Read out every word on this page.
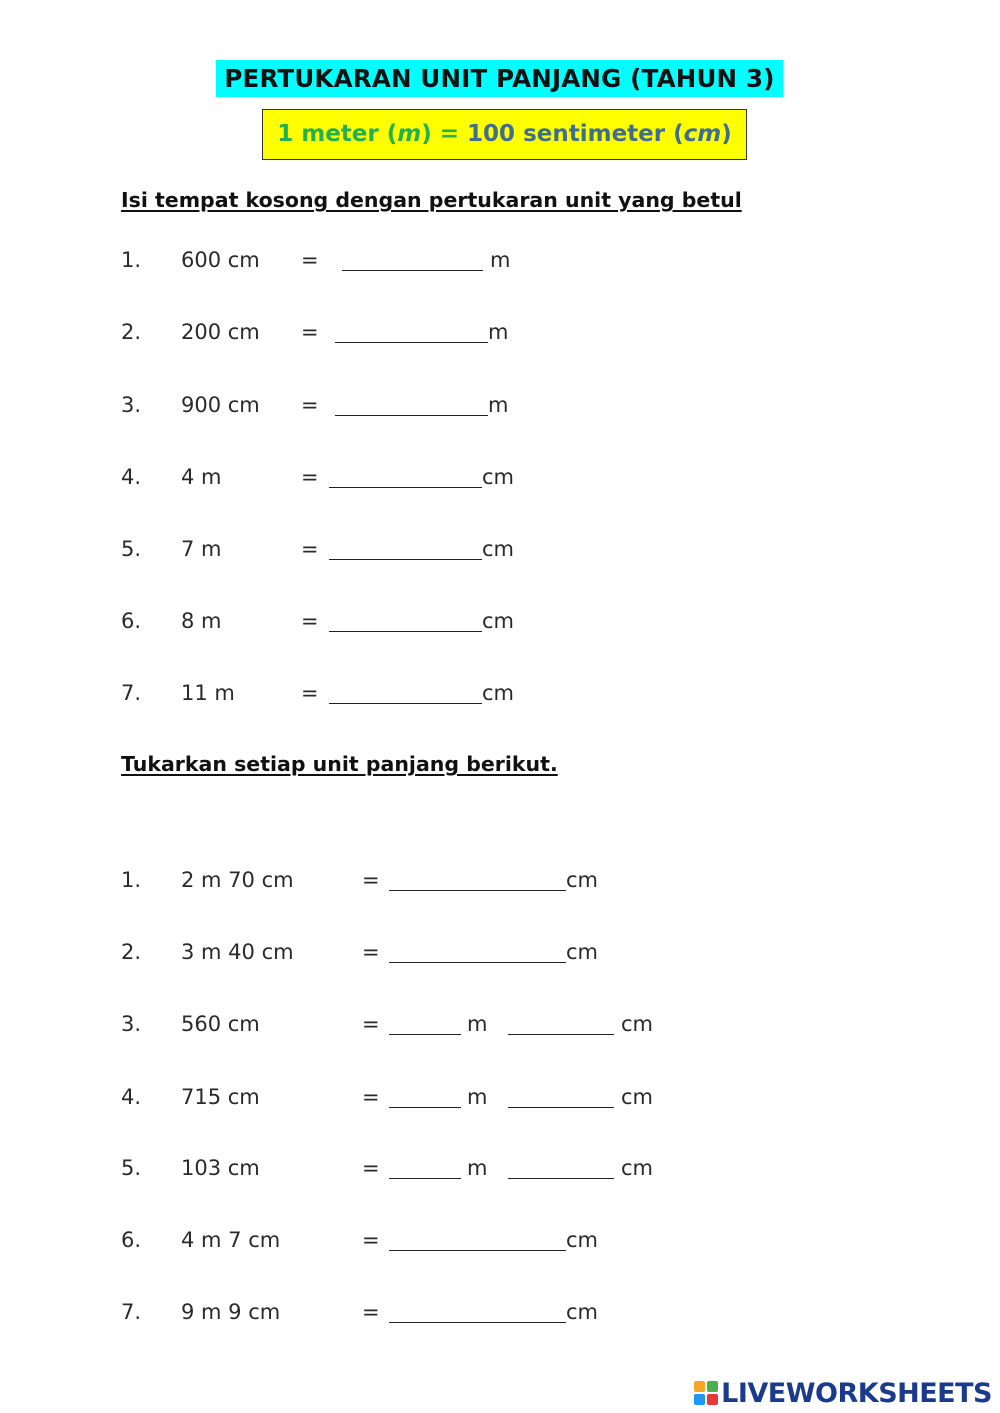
PERTUKARAN UNIT PANJANG (TAHUN 3)
1 meter (m) = 100 sentimeter (cm)
Isi tempat kosong dengan pertukaran unit yang betul
1. 600 cm =	m
2. 200 cm =	m
3. 900 cm =	m
4. 4 m	=	cm
5. 7 m	=	cm
6. 8 m	=	cm
7. 11 m	=	cm
Tukarkan setiap unit panjang berikut.
1. 2 m 70 cm	=	cm
2. 3 m 40 cm	=	cm
3. 560 cm	=	m	cm
4. 715 cm	=	m	cm
5. 103 cm	=	m	cm
6. 4 m 7 cm	=	cm
7. 9 m 9 cm	=	cm
LIVEWORKSHEETS
